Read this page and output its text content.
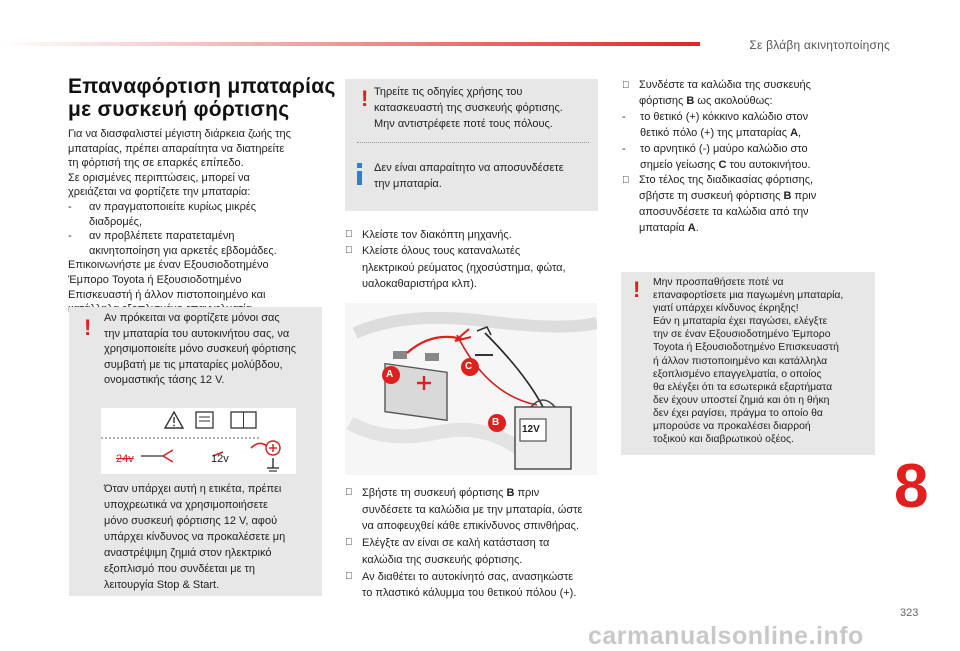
Σε βλάβη ακινητοποίησης
Επαναφόρτιση μπαταρίας
με συσκευή φόρτισης

Για να διασφαλιστεί μέγιστη διάρκεια ζωής της

μπαταρίας, πρέπει απαραίτητα να διατηρείτε

τη φόρτισή της σε επαρκές επίπεδο.

Σε ορισμένες περιπτώσεις, μπορεί να

χρειάζεται να φορτίζετε την μπαταρία:

-	αν πραγματοποιείτε κυρίως μικρές
διαδρομές,
-	αν προβλέπετε παρατεταμένη
ακινητοποίηση για αρκετές εβδομάδες.

Επικοινωνήστε με έναν Εξουσιοδοτημένο

Έμπορο Toyota ή Εξουσιοδοτημένο

Επισκευαστή ή άλλον πιστοποιημένο και

! Αν πρόκειται να φορτίζετε μόνοι σας

την μπαταρία του αυτοκινήτου σας, να

χρησιμοποιείτε μόνο συσκευή φόρτισης

συμβατή με τις μπαταρίες μολύβδου,

ονομαστικής τάσης 12 V.

24v	12v

Όταν υπάρχει αυτή η ετικέτα, πρέπει

υποχρεωτικά να χρησιμοποιήσετε

μόνο συσκευή φόρτισης 12 V, αφού

υπάρχει κίνδυνος να προκαλέσετε μη

αναστρέψιμη ζημιά στον ηλεκτρικό

εξοπλισμό που συνδέεται με τη

λειτουργία Stop & Start.

! Τηρείτε τις οδηγίες χρήσης του

κατασκευαστή της συσκευής φόρτισης.

Μην αντιστρέφετε ποτέ τους πόλους.

Δεν είναι απαραίτητο να αποσυνδέσετε

την μπαταρία.

Κλείστε τον διακόπτη μηχανής.
Κλείστε όλους τους καταναλωτές
ηλεκτρικού ρεύματος (ηχοσύστημα, φώτα,
υαλοκαθαριστήρα κλπ).
A
C
B
12V
Σβήστε τη συσκευή φόρτισης B πριν
συνδέσετε τα καλώδια με την μπαταρία, ώστε
να αποφευχθεί κάθε επικίνδυνος σπινθήρας.
Ελέγξτε αν είναι σε καλή κατάσταση τα
καλώδια της συσκευής φόρτισης.
Αν διαθέτει το αυτοκίνητό σας, ανασηκώστε
το πλαστικό κάλυμμα του θετικού πόλου (+).
Συνδέστε τα καλώδια της συσκευής
φόρτισης B ως ακολούθως:
-	το θετικό (+) κόκκινο καλώδιο στον
θετικό πόλο (+) της μπαταρίας A,
-	το αρνητικό (-) μαύρο καλώδιο στο
σημείο γείωσης C του αυτοκινήτου.
Στο τέλος της διαδικασίας φόρτισης,
σβήστε τη συσκευή φόρτισης B πριν
αποσυνδέσετε τα καλώδια από την
μπαταρία A.
! Μην προσπαθήσετε ποτέ να

επαναφορτίσετε μια παγωμένη μπαταρία,

γιατί υπάρχει κίνδυνος έκρηξης!

Εάν η μπαταρία έχει παγώσει, ελέγξτε

την σε έναν Εξουσιοδοτημένο Έμπορο

Toyota ή Εξουσιοδοτημένο Επισκευαστή

ή άλλον πιστοποιημένο και κατάλληλα

εξοπλισμένο επαγγελματία, ο οποίος

θα ελέγξει ότι τα εσωτερικά εξαρτήματα

δεν έχουν υποστεί ζημιά και ότι η θήκη

δεν έχει ραγίσει, πράγμα το οποίο θα

μπορούσε να προκαλέσει διαρροή

τοξικού και διαβρωτικού οξέος.

8
323
carmanualsonline.info
